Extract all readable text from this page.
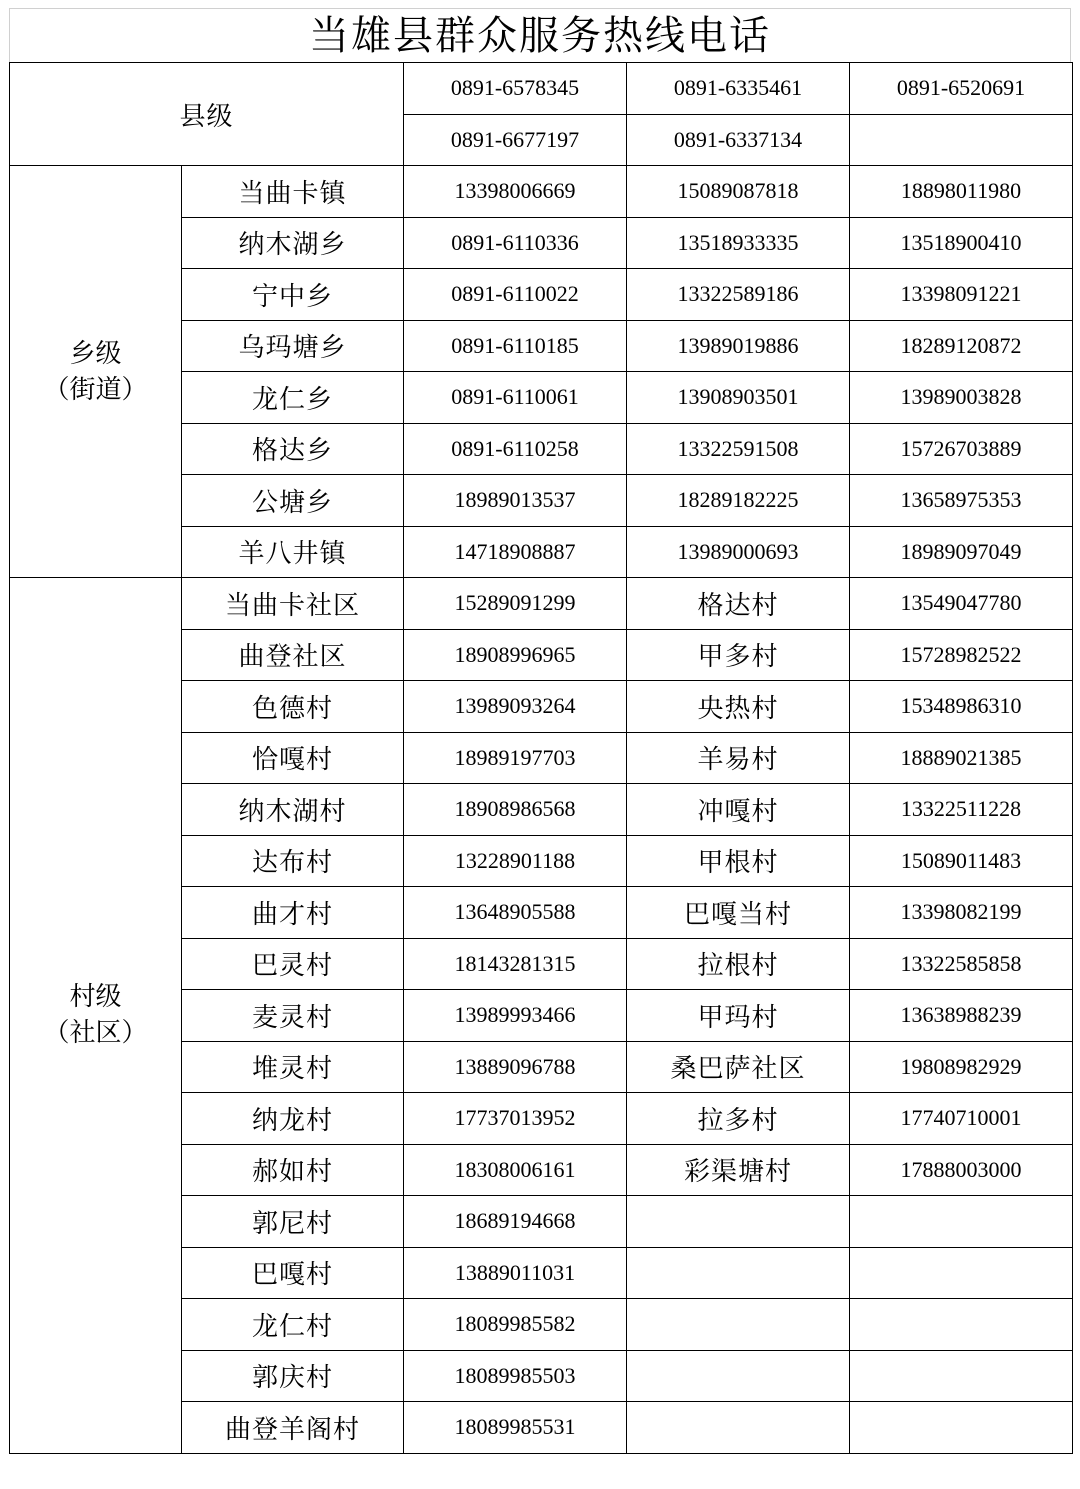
当雄县群众服务热线电话
县级		0891-6578345	0891-6335461	0891-6520691
		0891-6677197	0891-6337134	

乡级
（街道）	当曲卡镇	13398006669	15089087818	18898011980
	纳木湖乡	0891-6110336	13518933335	13518900410
	宁中乡	0891-6110022	13322589186	13398091221
	乌玛塘乡	0891-6110185	13989019886	18289120872
	龙仁乡	0891-6110061	13908903501	13989003828
	格达乡	0891-6110258	13322591508	15726703889
	公塘乡	18989013537	18289182225	13658975353
	羊八井镇	14718908887	13989000693	18989097049

村级
（社区）	当曲卡社区	15289091299	格达村	13549047780
	曲登社区	18908996965	甲多村	15728982522
	色德村	13989093264	央热村	15348986310
	恰嘎村	18989197703	羊易村	18889021385
	纳木湖村	18908986568	冲嘎村	13322511228
	达布村	13228901188	甲根村	15089011483
	曲才村	13648905588	巴嘎当村	13398082199
	巴灵村	18143281315	拉根村	13322585858
	麦灵村	13989993466	甲玛村	13638988239
	堆灵村	13889096788	桑巴萨社区	19808982929
	纳龙村	17737013952	拉多村	17740710001
	郝如村	18308006161	彩渠塘村	17888003000
	郭尼村	18689194668		
	巴嘎村	13889011031		
	龙仁村	18089985582		
	郭庆村	18089985503		
	曲登羊阁村	18089985531		
